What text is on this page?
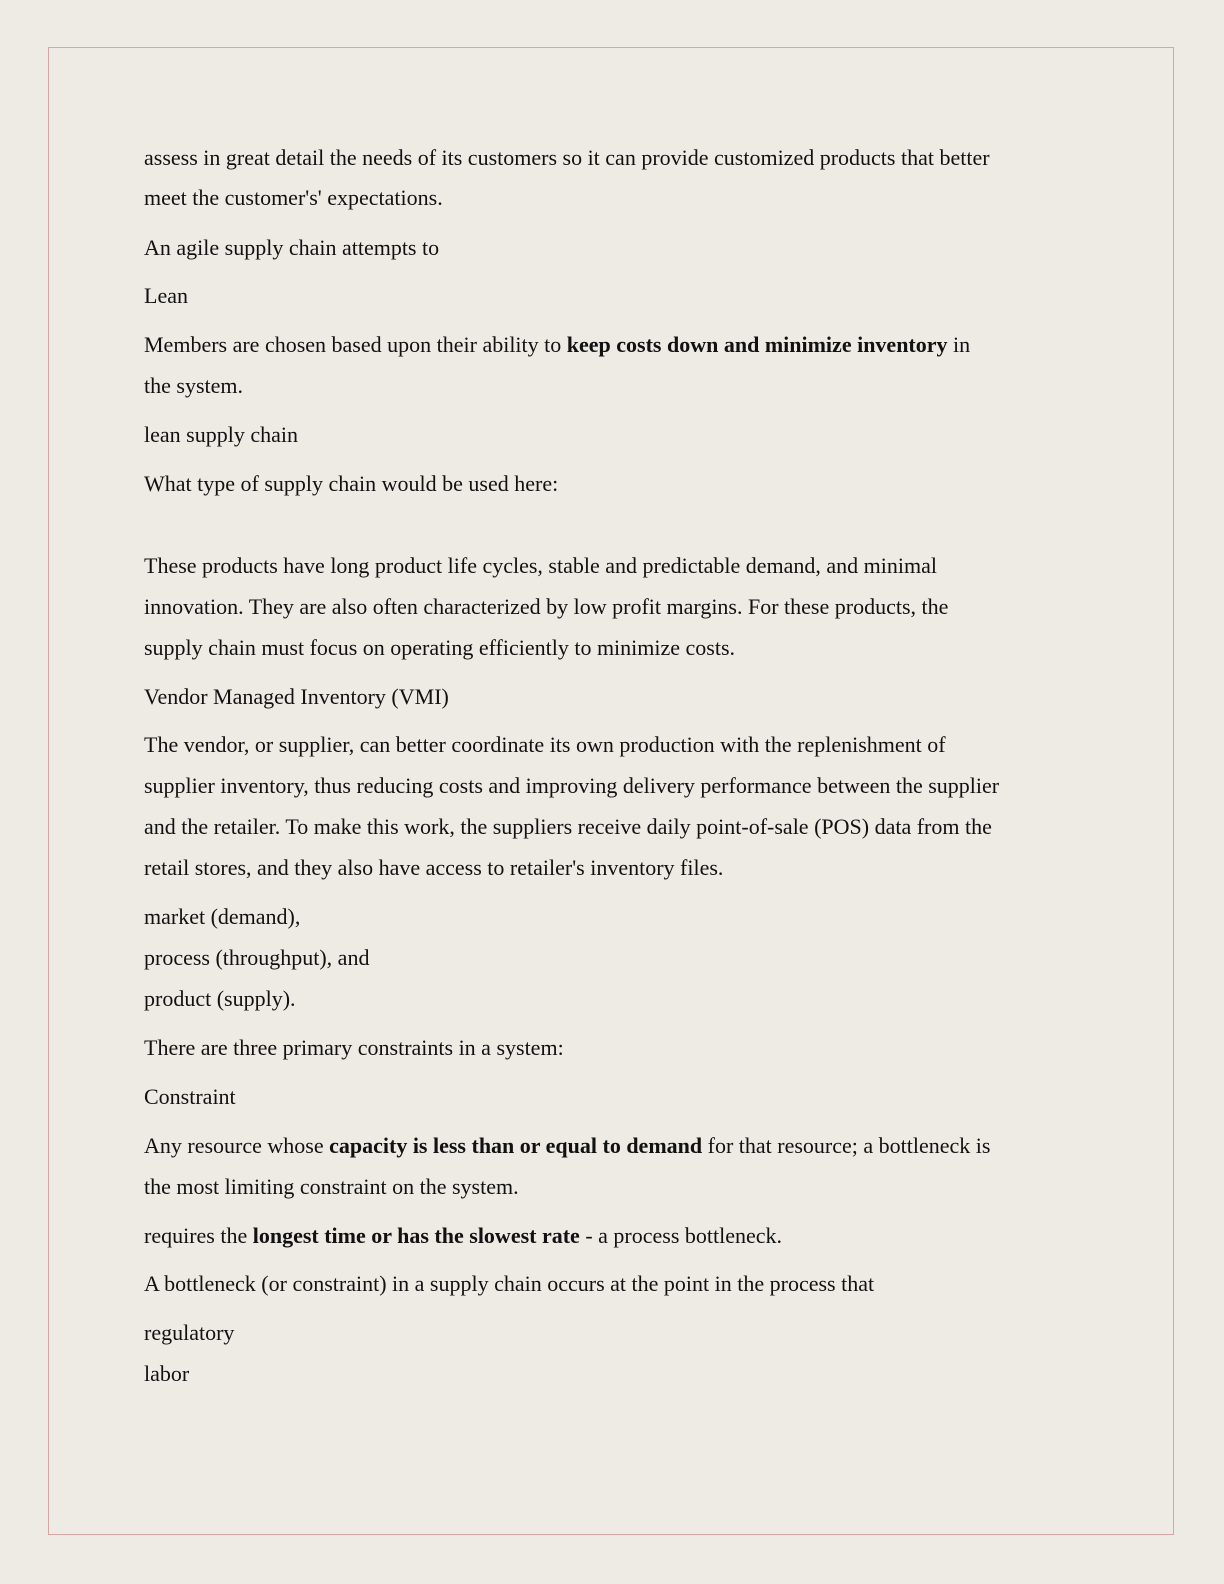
assess in great detail the needs of its customers so it can provide customized products that better
meet the customer's' expectations.
An agile supply chain attempts to
Lean
Members are chosen based upon their ability to keep costs down and minimize inventory in
the system.
lean supply chain
What type of supply chain would be used here:
These products have long product life cycles, stable and predictable demand, and minimal
innovation. They are also often characterized by low profit margins. For these products, the
supply chain must focus on operating efficiently to minimize costs.
Vendor Managed Inventory (VMI)
The vendor, or supplier, can better coordinate its own production with the replenishment of
supplier inventory, thus reducing costs and improving delivery performance between the supplier
and the retailer. To make this work, the suppliers receive daily point-of-sale (POS) data from the
retail stores, and they also have access to retailer's inventory files.
market (demand),
process (throughput), and
product (supply).
There are three primary constraints in a system:
Constraint
Any resource whose capacity is less than or equal to demand for that resource; a bottleneck is
the most limiting constraint on the system.
requires the longest time or has the slowest rate - a process bottleneck.
A bottleneck (or constraint) in a supply chain occurs at the point in the process that
regulatory
labor
